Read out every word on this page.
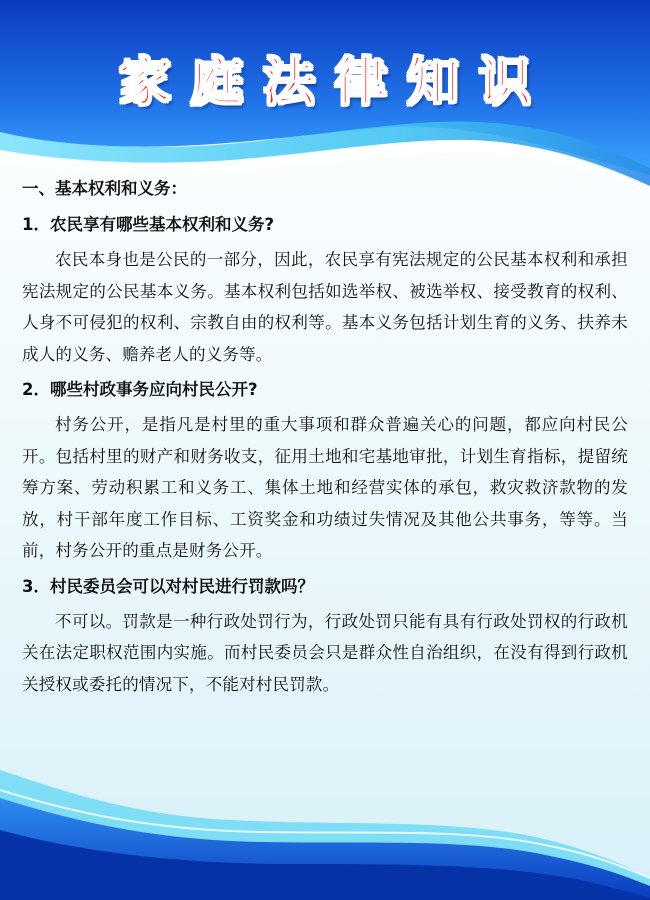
家庭法律知识

一、基本权利和义务：

1．农民享有哪些基本权利和义务?

农民本身也是公民的一部分，因此，农民享有宪法规定的公民基本权利和承担宪法规定的公民基本义务。基本权利包括如选举权、被选举权、接受教育的权利、人身不可侵犯的权利、宗教自由的权利等。基本义务包括计划生育的义务、扶养未成人的义务、赡养老人的义务等。

2．哪些村政事务应向村民公开?

村务公开，是指凡是村里的重大事项和群众普遍关心的问题，都应向村民公开。包括村里的财产和财务收支，征用土地和宅基地审批，计划生育指标，提留统筹方案、劳动积累工和义务工、集体土地和经营实体的承包，救灾救济款物的发放，村干部年度工作目标、工资奖金和功绩过失情况及其他公共事务，等等。当前，村务公开的重点是财务公开。

3．村民委员会可以对村民进行罚款吗？

不可以。罚款是一种行政处罚行为，行政处罚只能有具有行政处罚权的行政机关在法定职权范围内实施。而村民委员会只是群众性自治组织，在没有得到行政机关授权或委托的情况下，不能对村民罚款。
